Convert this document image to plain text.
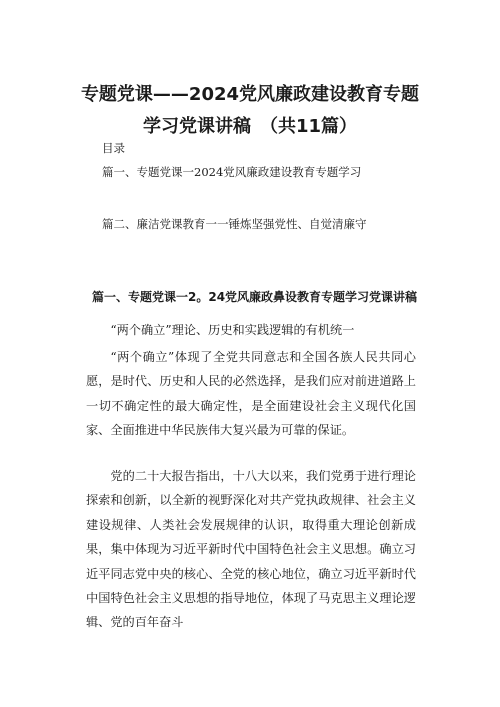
专题党课——2024党风廉政建设教育专题
学习党课讲稿　（共11篇）
目录
篇一、专题党课一2024党风廉政建设教育专题学习
篇二、廉洁党课教育一一锤炼坚强党性、自觉清廉守
篇一、专题党课一2。24党风廉政鼻设教育专题学习党课讲稿
“两个确立”理论、历史和实践逻辑的有机统一
“两个确立”体现了全党共同意志和全国各族人民共同心愿，是时代、历史和人民的必然选择，是我们应对前进道路上一切不确定性的最大确定性，是全面建设社会主义现代化国家、全面推进中华民族伟大复兴最为可靠的保证。
党的二十大报告指出，十八大以来，我们党勇于进行理论探索和创新，以全新的视野深化对共产党执政规律、社会主义建设规律、人类社会发展规律的认识，取得重大理论创新成果，集中体现为习近平新时代中国特色社会主义思想。确立习近平同志党中央的核心、全党的核心地位，确立习近平新时代中国特色社会主义思想的指导地位，体现了马克思主义理论逻辑、党的百年奋斗
